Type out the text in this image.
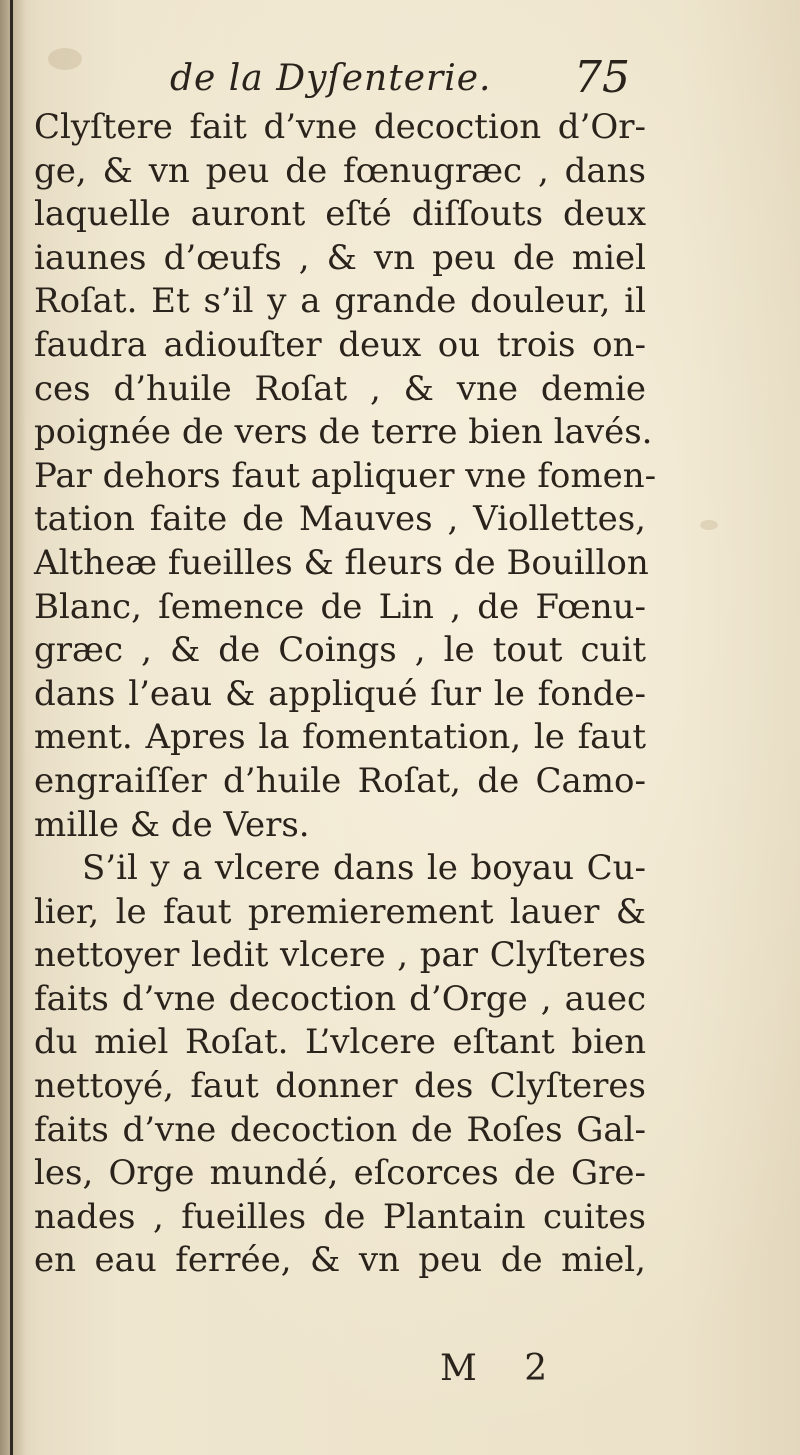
de la Dyſenterie. 75
Clyſtere fait d’vne decoction d’Or-
ge, & vn peu de fœnugræc , dans
laquelle auront eſté diſſouts deux
iaunes d’œufs , & vn peu de miel
Roſat. Et s’il y a grande douleur, il
faudra adiouſter deux ou trois on-
ces d’huile Roſat , & vne demie
poignée de vers de terre bien lavés.
Par dehors faut apliquer vne fomen-
tation faite de Mauves , Viollettes,
Altheæ fueilles & fleurs de Bouillon
Blanc, ſemence de Lin , de Fœnu-
græc , & de Coings , le tout cuit
dans l’eau & appliqué ſur le fonde-
ment. Apres la fomentation, le faut
engraiſſer d’huile Roſat, de Camo-
mille & de Vers.
S’il y a vlcere dans le boyau Cu-
lier, le faut premierement lauer &
nettoyer ledit vlcere , par Clyſteres
faits d’vne decoction d’Orge , auec
du miel Roſat. L’vlcere eſtant bien
nettoyé, faut donner des Clyſteres
faits d’vne decoction de Roſes Gal-
les, Orge mundé, eſcorces de Gre-
nades , fueilles de Plantain cuites
en eau ferrée, & vn peu de miel,
M 2
